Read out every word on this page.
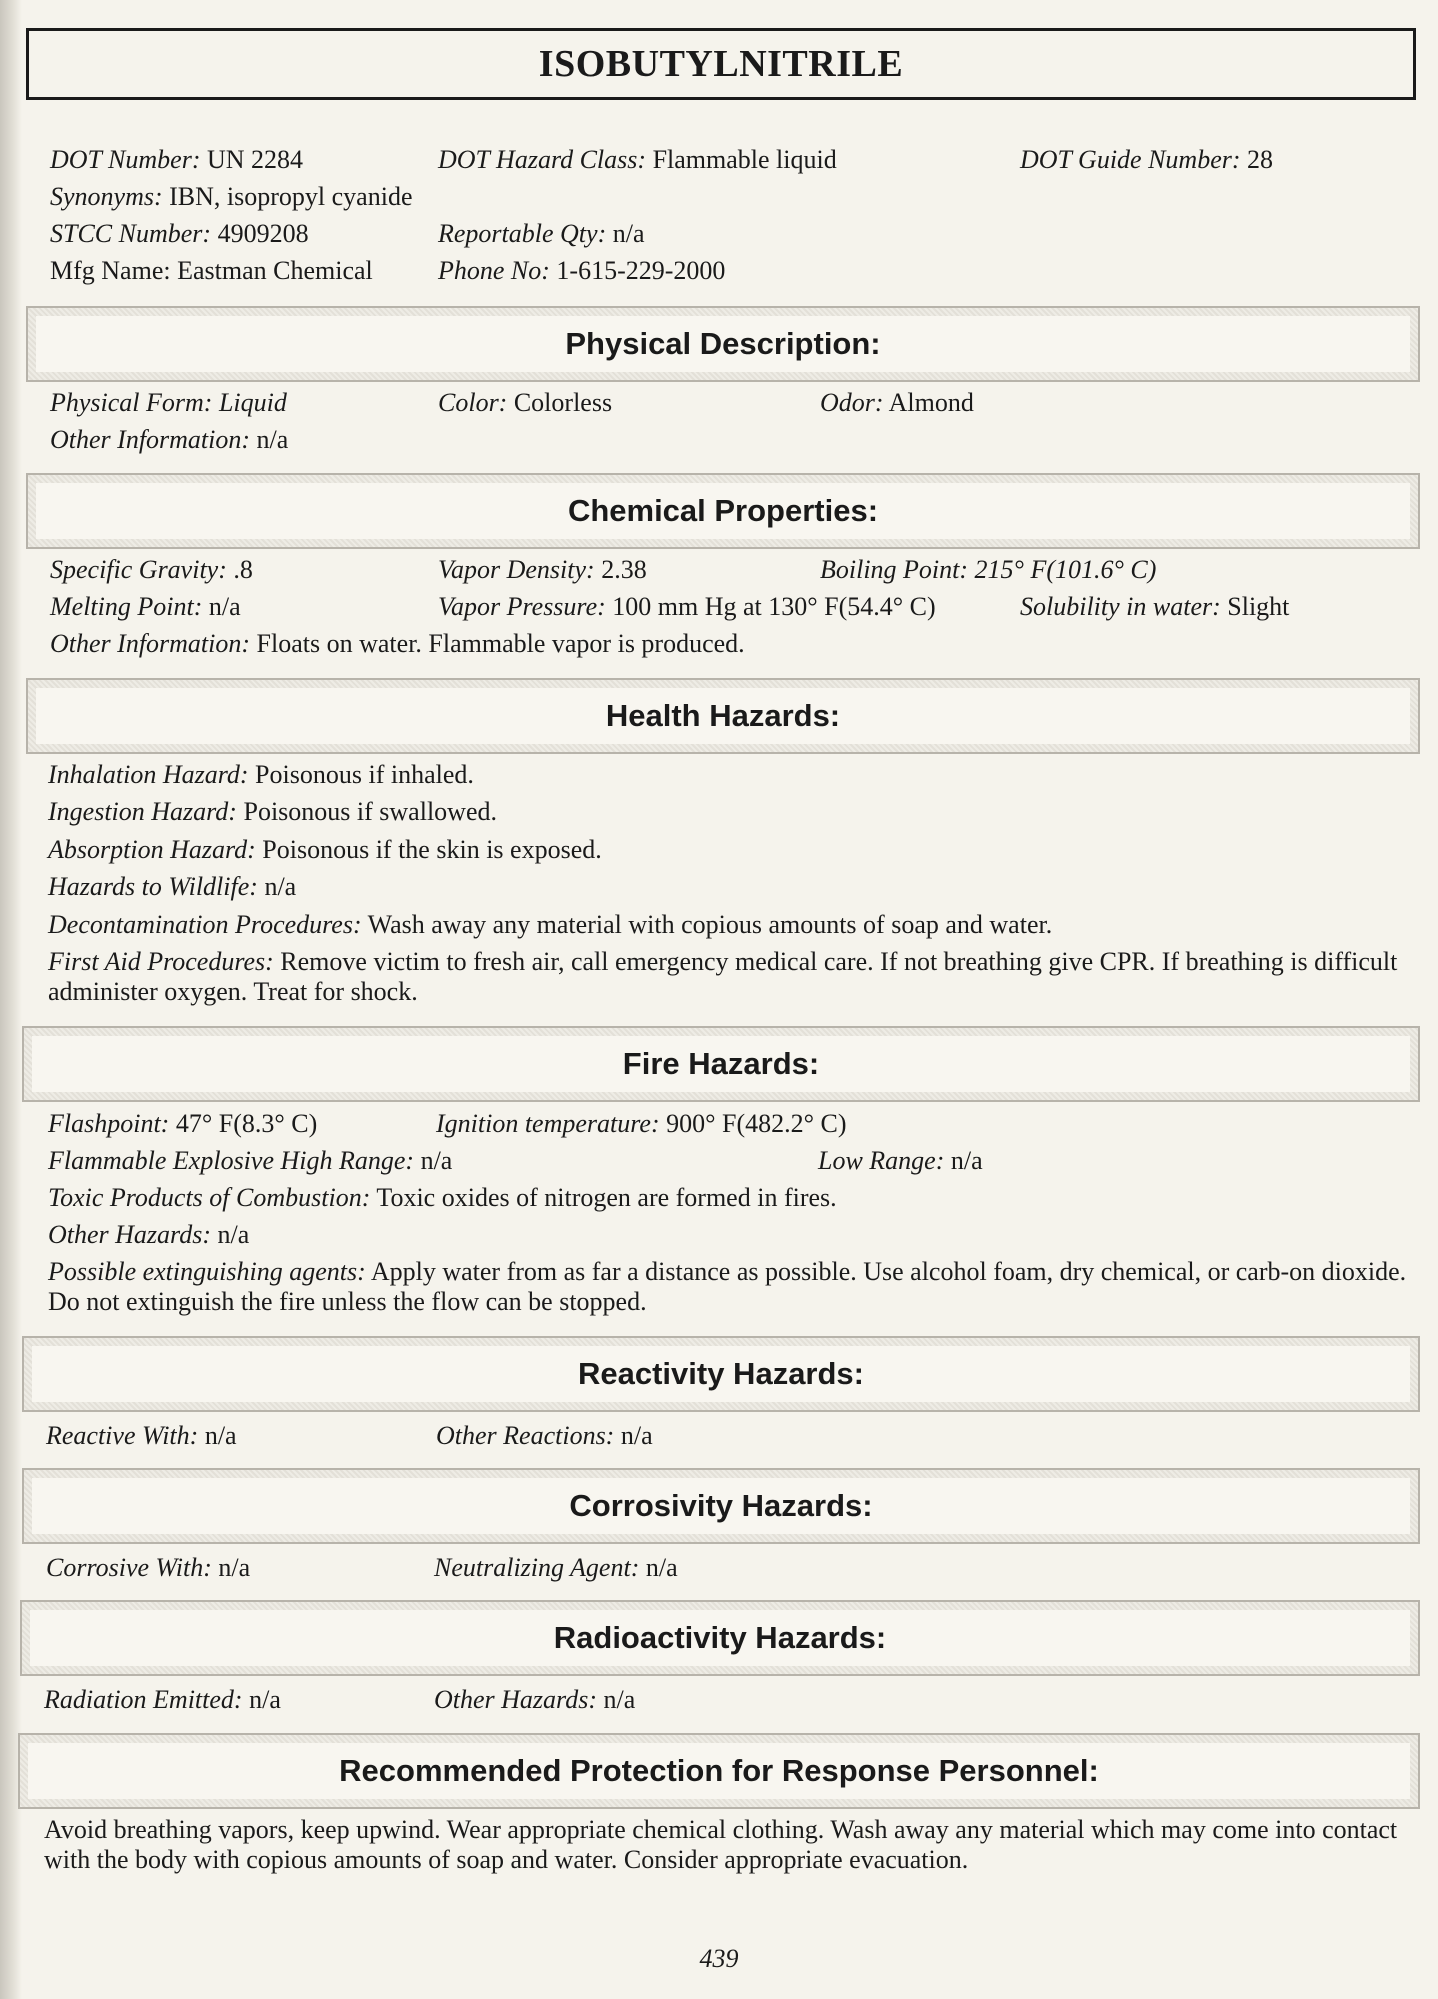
ISOBUTYLNITRILE
DOT Number: UN 2284	DOT Hazard Class: Flammable liquid	DOT Guide Number: 28
Synonyms: IBN, isopropyl cyanide
STCC Number: 4909208	Reportable Qty: n/a
Mfg Name: Eastman Chemical	Phone No: 1-615-229-2000
Physical Description:
Physical Form: Liquid	Color: Colorless	Odor: Almond
Other Information: n/a
Chemical Properties:
Specific Gravity: .8	Vapor Density: 2.38	Boiling Point: 215° F(101.6° C)
Melting Point: n/a	Vapor Pressure: 100 mm Hg at 130° F(54.4° C)	Solubility in water: Slight
Other Information: Floats on water. Flammable vapor is produced.
Health Hazards:
Inhalation Hazard: Poisonous if inhaled.
Ingestion Hazard: Poisonous if swallowed.
Absorption Hazard: Poisonous if the skin is exposed.
Hazards to Wildlife: n/a
Decontamination Procedures: Wash away any material with copious amounts of soap and water.
First Aid Procedures: Remove victim to fresh air, call emergency medical care. If not breathing give CPR. If breathing is difficult administer oxygen. Treat for shock.
Fire Hazards:
Flashpoint: 47° F(8.3° C)	Ignition temperature: 900° F(482.2° C)
Flammable Explosive High Range: n/a	Low Range: n/a
Toxic Products of Combustion: Toxic oxides of nitrogen are formed in fires.
Other Hazards: n/a
Possible extinguishing agents: Apply water from as far a distance as possible. Use alcohol foam, dry chemical, or carb-on dioxide. Do not extinguish the fire unless the flow can be stopped.
Reactivity Hazards:
Reactive With: n/a	Other Reactions: n/a
Corrosivity Hazards:
Corrosive With: n/a	Neutralizing Agent: n/a
Radioactivity Hazards:
Radiation Emitted: n/a	Other Hazards: n/a
Recommended Protection for Response Personnel:
Avoid breathing vapors, keep upwind. Wear appropriate chemical clothing. Wash away any material which may come into contact with the body with copious amounts of soap and water. Consider appropriate evacuation.
439
